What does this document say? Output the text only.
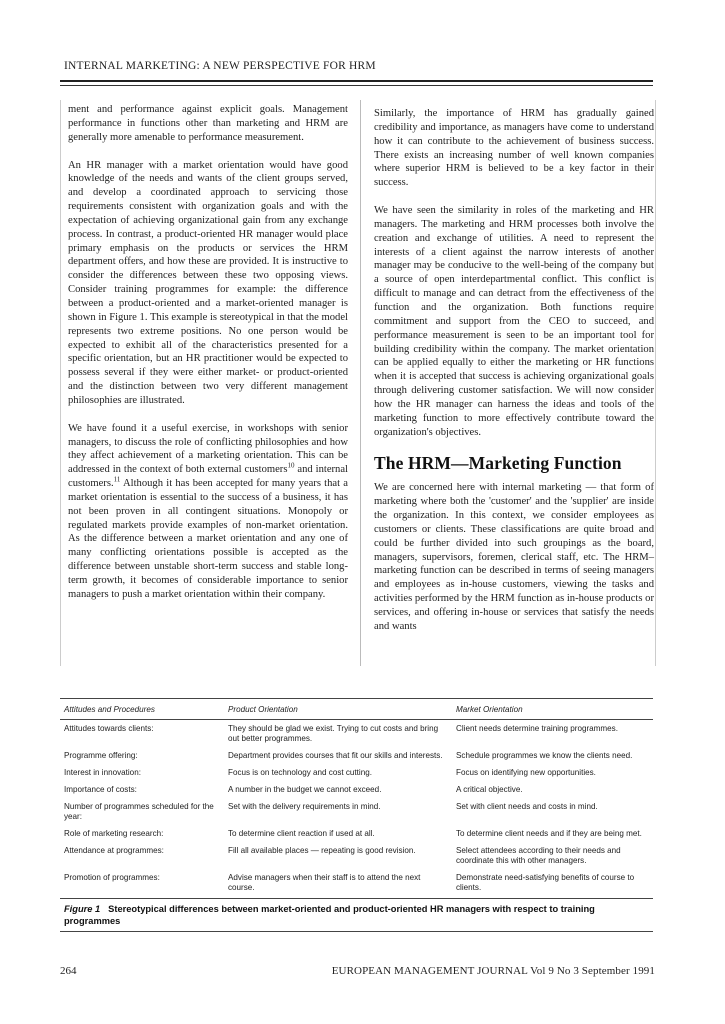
INTERNAL MARKETING: A NEW PERSPECTIVE FOR HRM

ment and performance against explicit goals. Management performance in functions other than marketing and HRM are generally more amenable to performance measurement.

An HR manager with a market orientation would have good knowledge of the needs and wants of the client groups served, and develop a coordinated approach to servicing those requirements consistent with organization goals and with the expectation of achieving organizational gain from any exchange process. In contrast, a product-oriented HR manager would place primary emphasis on the products or services the HRM department offers, and how these are provided. It is instructive to consider the differences between these two opposing views. Consider training programmes for example: the difference between a product-oriented and a market-oriented manager is shown in Figure 1. This example is stereotypical in that the model represents two extreme positions. No one person would be expected to exhibit all of the characteristics presented for a specific orientation, but an HR practitioner would be expected to possess several if they were either market- or product-oriented and the distinction between two very different management philosophies are illustrated.

We have found it a useful exercise, in workshops with senior managers, to discuss the role of conflicting philosophies and how they affect achievement of a marketing orientation. This can be addressed in the context of both external customers$^{10}$ and internal customers.$^{11}$ Although it has been accepted for many years that a market orientation is essential to the success of a business, it has not been proven in all contingent situations. Monopoly or regulated markets provide examples of non-market orientation. As the difference between a market orientation and any one of many conflicting orientations possible is accepted as the difference between unstable short-term success and stable long-term growth, it becomes of considerable importance to senior managers to push a market orientation within their company.

Similarly, the importance of HRM has gradually gained credibility and importance, as managers have come to understand how it can contribute to the achievement of business success. There exists an increasing number of well known companies where superior HRM is believed to be a key factor in their success.

We have seen the similarity in roles of the marketing and HR managers. The marketing and HRM processes both involve the creation and exchange of utilities. A need to represent the interests of a client against the narrow interests of another manager may be conducive to the well-being of the company but a source of open interdepartmental conflict. This conflict is difficult to manage and can detract from the effectiveness of the function and the organization. Both functions require commitment and support from the CEO to succeed, and performance measurement is seen to be an important tool for building credibility within the company. The market orientation can be applied equally to either the marketing or HR functions when it is accepted that success is achieving organizational goals through delivering customer satisfaction. We will now consider how the HR manager can harness the ideas and tools of the marketing function to more effectively contribute toward the organization's objectives.

The HRM—Marketing Function

We are concerned here with internal marketing — that form of marketing where both the 'customer' and the 'supplier' are inside the organization. In this context, we consider employees as customers or clients. These classifications are quite broad and could be further divided into such groupings as the board, managers, supervisors, foremen, clerical staff, etc. The HRM–marketing function can be described in terms of seeing managers and employees as in-house customers, viewing the tasks and activities performed by the HRM function as in-house products or services, and offering in-house or services that satisfy the needs and wants

Attitudes and Procedures	Product Orientation	Market Orientation
Attitudes towards clients:	They should be glad we exist. Trying to cut costs and bring out better programmes.	Client needs determine training programmes.
Programme offering:	Department provides courses that fit our skills and interests.	Schedule programmes we know the clients need.
Interest in innovation:	Focus is on technology and cost cutting.	Focus on identifying new opportunities.
Importance of costs:	A number in the budget we cannot exceed.	A critical objective.
Number of programmes scheduled for the year:	Set with the delivery requirements in mind.	Set with client needs and costs in mind.
Role of marketing research:	To determine client reaction if used at all.	To determine client needs and if they are being met.
Attendance at programmes:	Fill all available places — repeating is good revision.	Select attendees according to their needs and coordinate this with other managers.
Promotion of programmes:	Advise managers when their staff is to attend the next course.	Demonstrate need-satisfying benefits of course to clients.
Figure 1 Stereotypical differences between market-oriented and product-oriented HR managers with respect to training programmes
264	EUROPEAN MANAGEMENT JOURNAL Vol 9 No 3 September 1991
